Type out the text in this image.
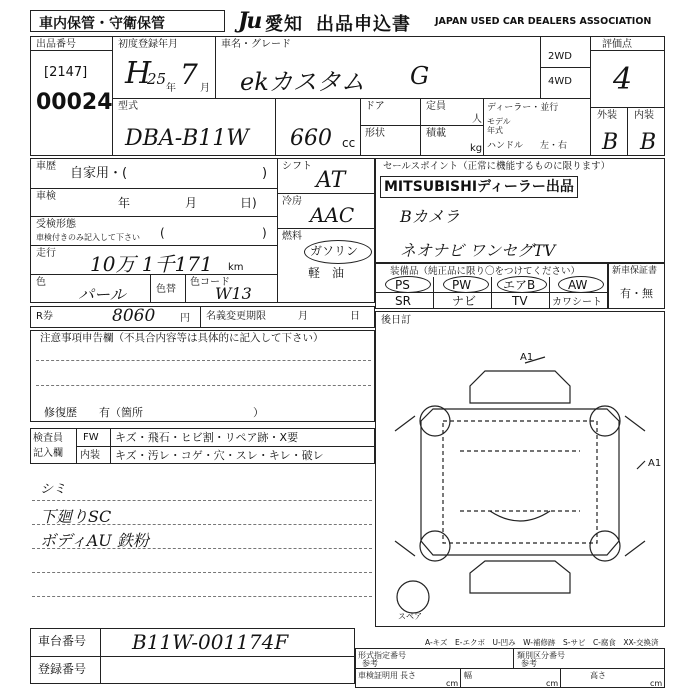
車内保管・守衛保管	Ju 愛知 出品申込書	JAPAN USED CAR DEALERS ASSOCIATION
出品番号
[2147]
00024
初度登録年月
H
25
年 7 月
車名・グレード
ekカスタム G
2WD
4WD
評価点
4
型式
DBA-B11W 660 cc
ドア	定員
人
形状	積載
kg
ディーラー・並行
モデル
年式
ハンドル 左・右
外装 内装
B B
車歴 自家用・(	)
車検	年	月	日)
受検形態
車検付きのみ記入して下さい (	)
走行 10万 1千171 km
色
パール	色替
色コード
W13
シフト
AT
冷房
AAC
燃料
ガソリン
軽　油
セールスポイント（正常に機能するものに限ります）
MITSUBISHIディーラー出品
Bカメラ
ネオナビ ワンセグTV
装備品（純正品に限り〇をつけてください）
PS	PW	エアB	AW
SR	ナビ	TV カワシート
新車保証書
有・無
R券	8060 円 名義変更期限	月	日
注意事項申告欄（不具合内容等は具体的に記入して下さい）
修復歴　　有（箇所　　　　　　　　　　）
検査員
記入欄
FW キズ・飛石・ヒビ割・リペア跡・X要
内装 キズ・汚レ・コゲ・穴・スレ・キレ・破レ
シミ
下廻りSC
ボディAU 鉄粉
後日訂
A1
A1
スペア
A-キズ　E-エクボ　U-凹み　W-補修跡　S-サビ　C-腐食　XX-交換済
車台番号 B11W-001174F
登録番号
形式指定番号
参考
類別区分番号
参考
車検証明用 長さ
cm
幅
cm
高さ
cm
